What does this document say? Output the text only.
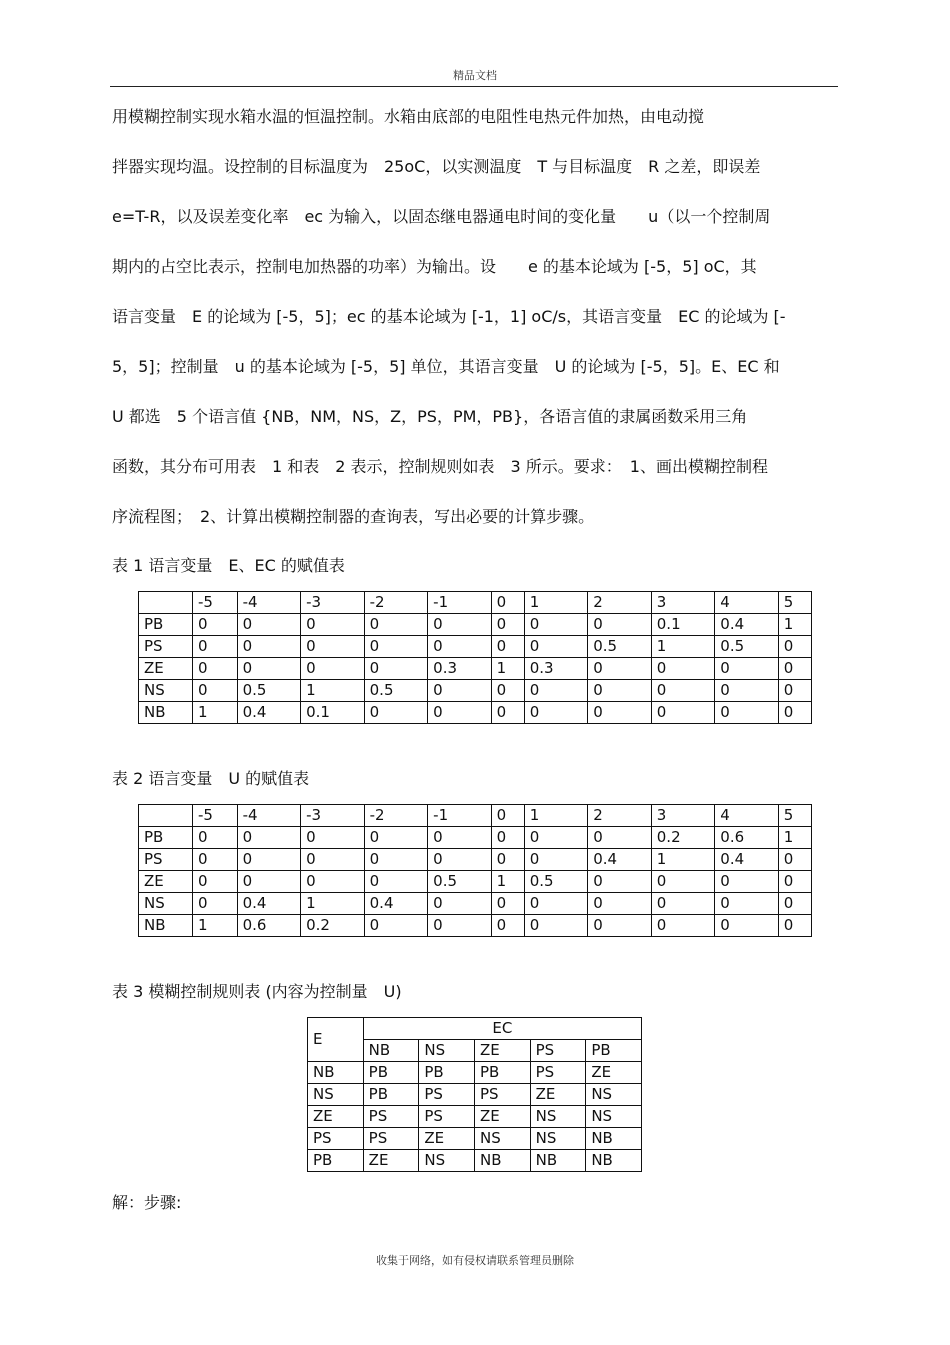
精品文档
用模糊控制实现水箱水温的恒温控制。水箱由底部的电阻性电热元件加热，由电动搅
拌器实现均温。设控制的目标温度为　25oC，以实测温度　T 与目标温度　R 之差，即误差
e=T-R，以及误差变化率　ec 为输入，以固态继电器通电时间的变化量　　u（以一个控制周
期内的占空比表示，控制电加热器的功率）为输出。设　　e 的基本论域为 [-5，5] oC，其
语言变量　E 的论域为 [-5，5]；ec 的基本论域为 [-1，1] oC/s，其语言变量　EC 的论域为 [-
5，5]；控制量　u 的基本论域为 [-5，5] 单位，其语言变量　U 的论域为 [-5，5]。E、EC 和
U 都选　5 个语言值 {NB，NM，NS，Z，PS，PM，PB}，各语言值的隶属函数采用三角
函数，其分布可用表　1 和表　2 表示，控制规则如表　3 所示。要求：　1、画出模糊控制程
序流程图；　2、计算出模糊控制器的查询表，写出必要的计算步骤。
表 1 语言变量　E、EC 的赋值表
	-5	-4	-3	-2	-1	0	1	2	3	4	5
PB	0	0	0	0	0	0	0	0	0.1	0.4	1
PS	0	0	0	0	0	0	0	0.5	1	0.5	0
ZE	0	0	0	0	0.3	1	0.3	0	0	0	0
NS	0	0.5	1	0.5	0	0	0	0	0	0	0
NB	1	0.4	0.1	0	0	0	0	0	0	0	0
表 2 语言变量　U 的赋值表
	-5	-4	-3	-2	-1	0	1	2	3	4	5
PB	0	0	0	0	0	0	0	0	0.2	0.6	1
PS	0	0	0	0	0	0	0	0.4	1	0.4	0
ZE	0	0	0	0	0.5	1	0.5	0	0	0	0
NS	0	0.4	1	0.4	0	0	0	0	0	0	0
NB	1	0.6	0.2	0	0	0	0	0	0	0	0
表 3 模糊控制规则表 (内容为控制量　U)
E	EC				
	NB	NS	ZE	PS	PB
NB	PB	PB	PB	PS	ZE
NS	PB	PS	PS	ZE	NS
ZE	PS	PS	ZE	NS	NS
PS	PS	ZE	NS	NS	NB
PB	ZE	NS	NB	NB	NB
解：步骤:
收集于网络，如有侵权请联系管理员删除
